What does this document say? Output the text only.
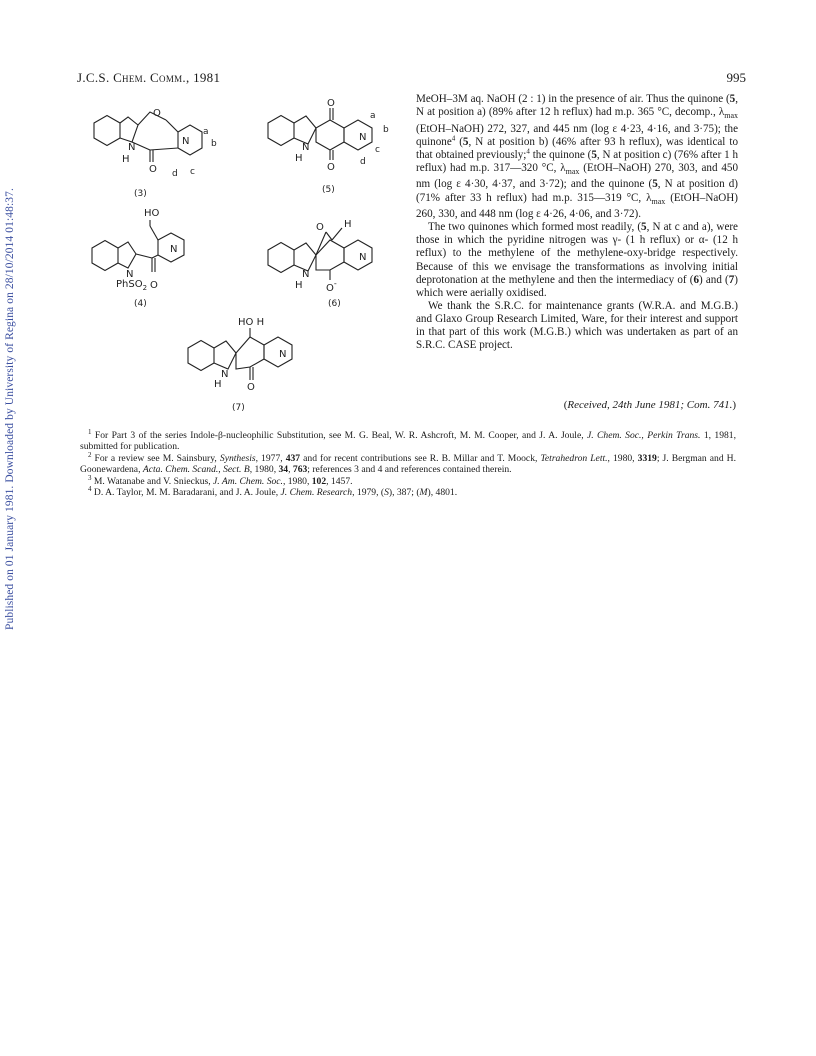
Published on 01 January 1981. Downloaded by University of Regina on 28/10/2014 01:48:37.
J.C.S. Chem. Comm., 1981	995
O
N
H
O
N
a
b
c
d
(3)
O
O
N
H
N
a
b
c
d
(5)
HO
N
N
PhSO$_2$ O
(4)
O H
N
N
H O-
(6)
HO H
N
N
H	O
(7)

MeOH–3M aq. NaOH (2 : 1) in the presence of air. Thus the quinone (5, N at position a) (89% after 12 h reflux) had m.p. 365 °C, decomp., $\lambda_{max}$ (EtOH–NaOH) 272, 327, and 445 nm (log ε 4·23, 4·16, and 3·75); the quinone$^4$ (5, N at position b) (46% after 93 h reflux), was identical to that obtained previously;$^4$ the quinone (5, N at position c) (76% after 1 h reflux) had m.p. 317—320 °C, $\lambda_{max}$ (EtOH–NaOH) 270, 303, and 450 nm (log ε 4·30, 4·37, and 3·72); and the quinone (5, N at position d) (71% after 33 h reflux) had m.p. 315—319 °C, $\lambda_{max}$ (EtOH–NaOH) 260, 330, and 448 nm (log ε 4·26, 4·06, and 3·72).

The two quinones which formed most readily, (5, N at c and a), were those in which the pyridine nitrogen was γ- (1 h reflux) or α- (12 h reflux) to the methylene of the methylene-oxy-bridge respectively. Because of this we envisage the transformations as involving initial deprotonation at the methylene and then the intermediacy of (6) and (7) which were aerially oxidised.

We thank the S.R.C. for maintenance grants (W.R.A. and M.G.B.) and Glaxo Group Research Limited, Ware, for their interest and support in that part of this work (M.G.B.) which was undertaken as part of an S.R.C. CASE project.

(Received, 24th June 1981; Com. 741.)

$^1$ For Part 3 of the series Indole-β-nucleophilic Substitution, see M. G. Beal, W. R. Ashcroft, M. M. Cooper, and J. A. Joule, J. Chem. Soc., Perkin Trans. 1, 1981, submitted for publication.

$^2$ For a review see M. Sainsbury, Synthesis, 1977, 437 and for recent contributions see R. B. Millar and T. Moock, Tetrahedron Lett., 1980, 3319; J. Bergman and H. Goonewardena, Acta. Chem. Scand., Sect. B, 1980, 34, 763; references 3 and 4 and references contained therein.

$^3$ M. Watanabe and V. Snieckus, J. Am. Chem. Soc., 1980, 102, 1457.

$^4$ D. A. Taylor, M. M. Baradarani, and J. A. Joule, J. Chem. Research, 1979, (S), 387; (M), 4801.
